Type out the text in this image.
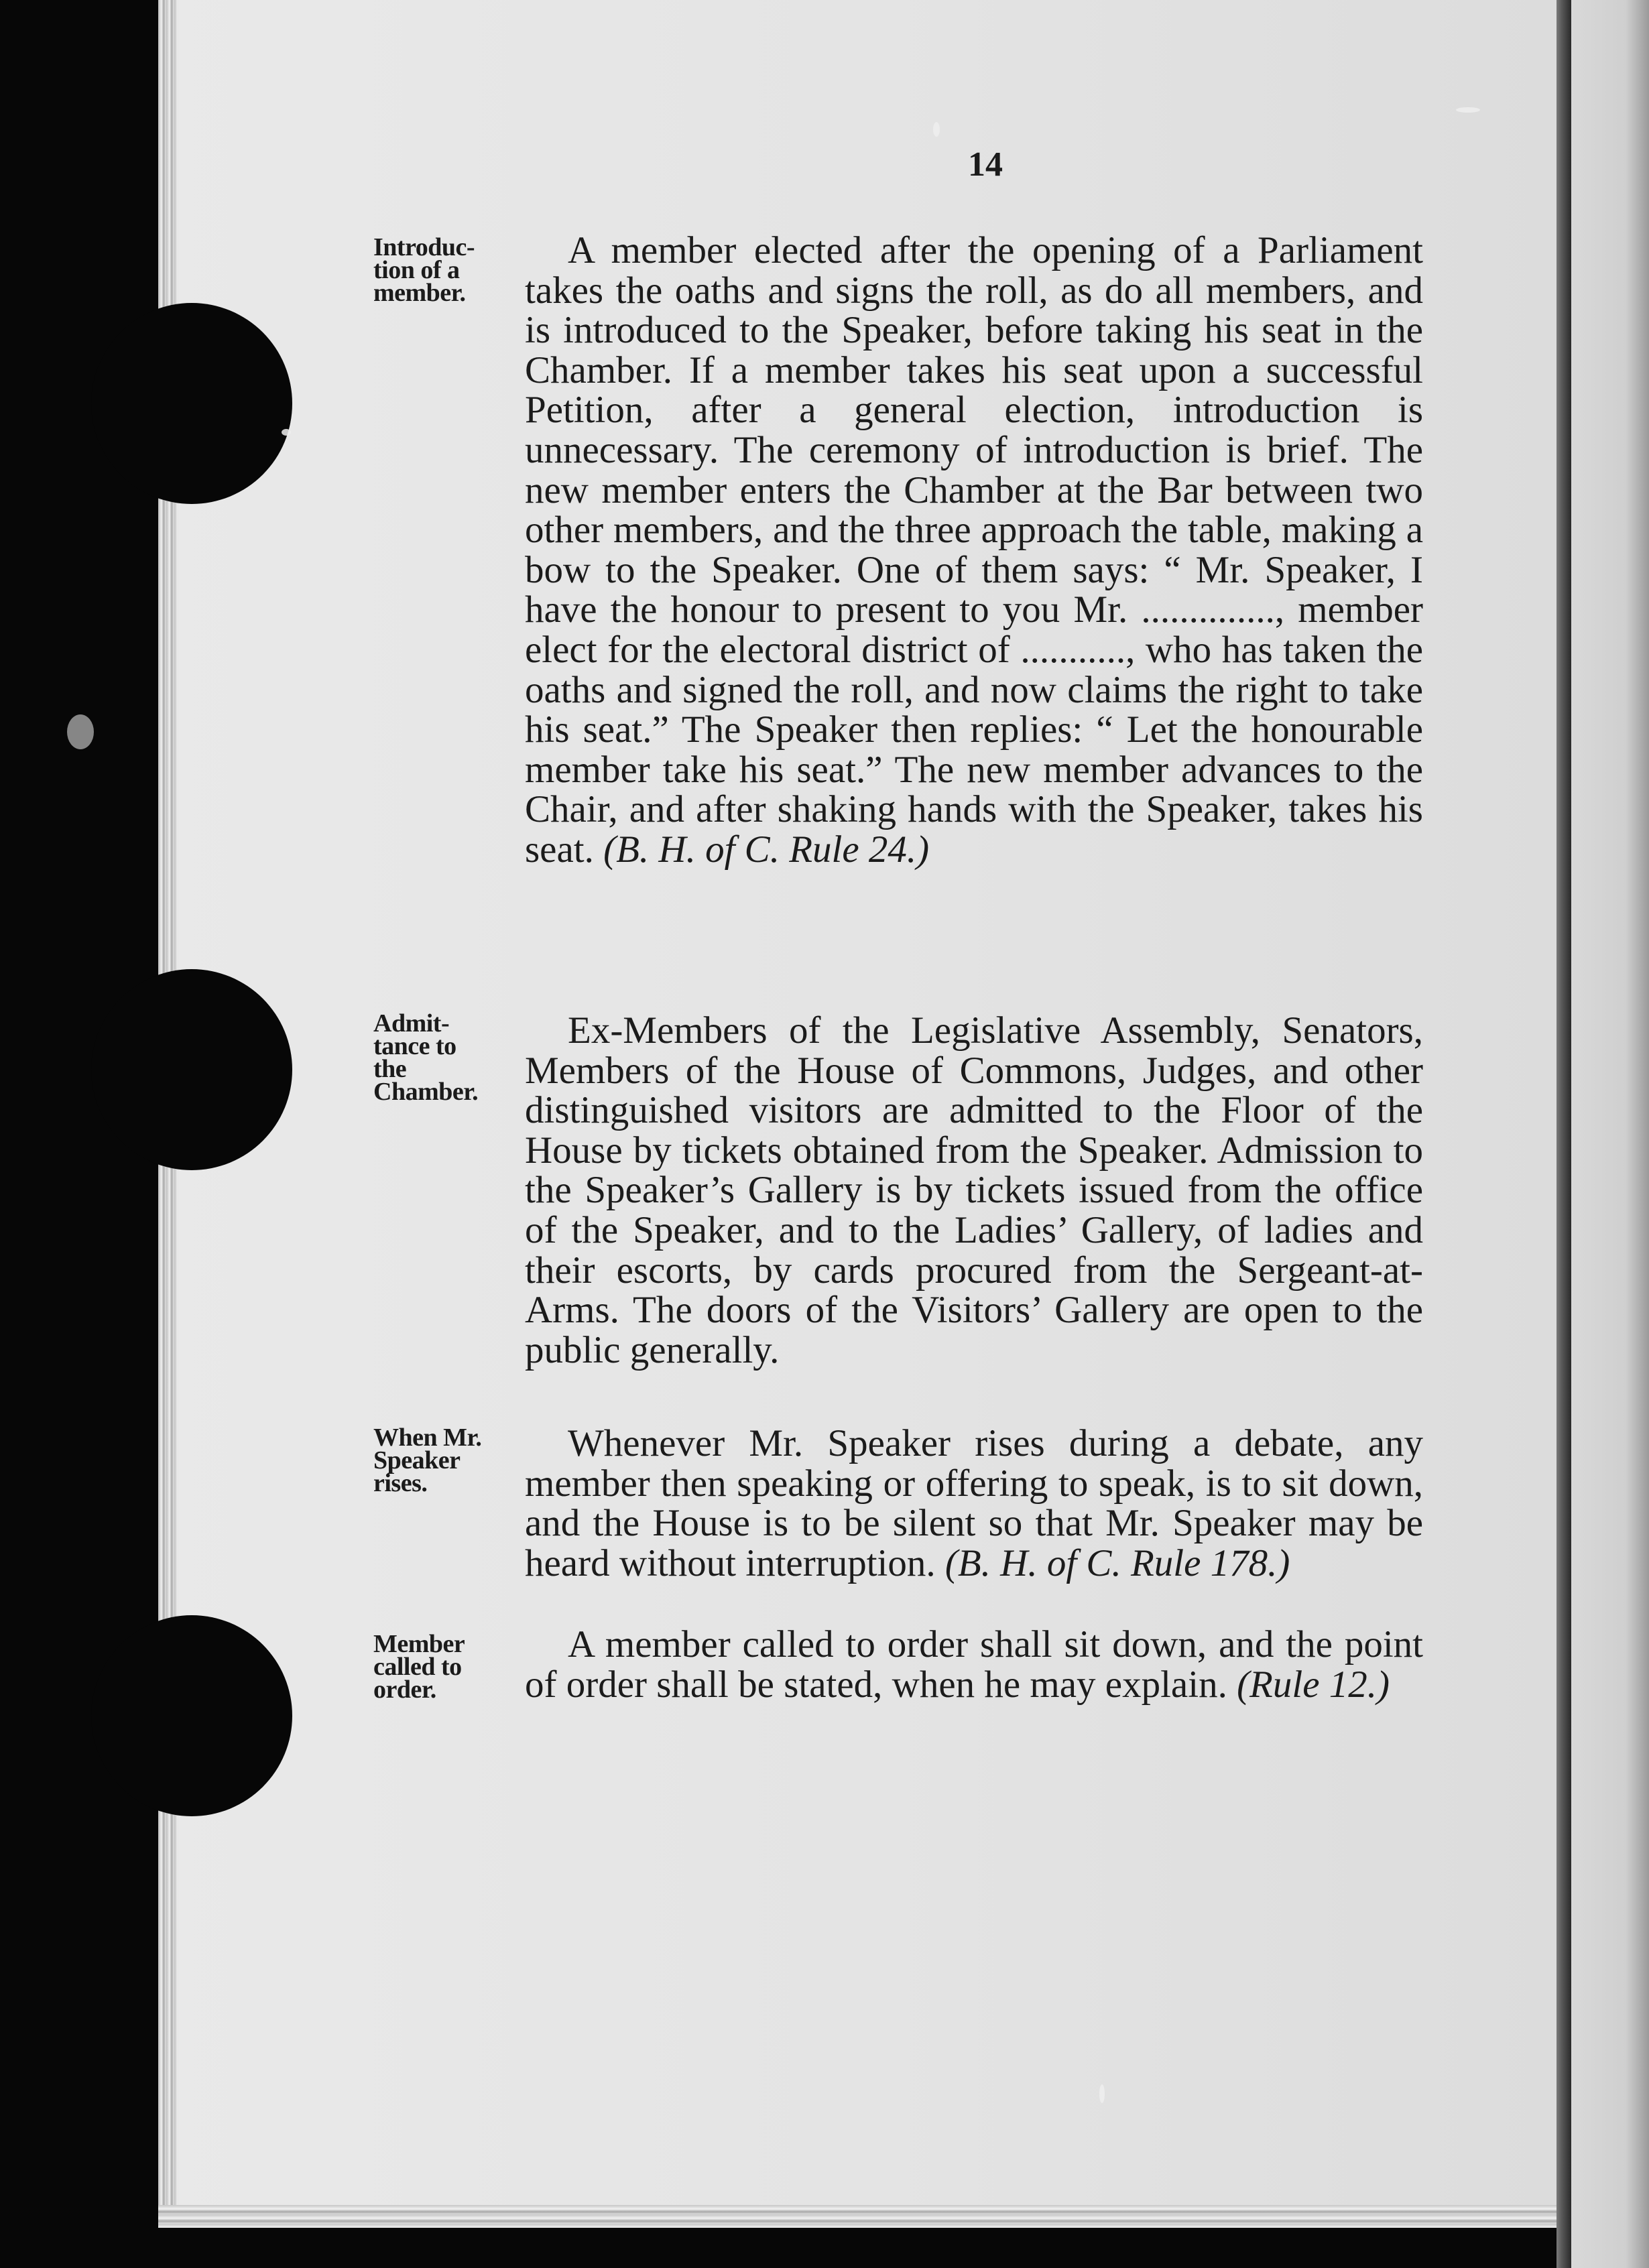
14
Introduc-
tion of a
member.
A member elected after the opening of a Parliament takes the oaths and signs the roll, as do all members, and is introduced to the Speaker, before taking his seat in the Chamber. If a member takes his seat upon a successful Petition, after a general election, introduction is unnecessary. The ceremony of introduction is brief. The new member enters the Chamber at the Bar between two other members, and the three approach the table, making a bow to the Speaker. One of them says: “ Mr. Speaker, I have the honour to present to you Mr. .............., member elect for the electoral district of ..........., who has taken the oaths and signed the roll, and now claims the right to take his seat.” The Speaker then replies: “ Let the honourable member take his seat.” The new member advances to the Chair, and after shaking hands with the Speaker, takes his seat. (B. H. of C. Rule 24.)
Admit-
tance to
the
Chamber.
Ex-Members of the Legislative Assembly, Senators, Members of the House of Commons, Judges, and other distinguished visitors are admitted to the Floor of the House by tickets obtained from the Speaker. Admission to the Speaker’s Gallery is by tickets issued from the office of the Speaker, and to the Ladies’ Gallery, of ladies and their escorts, by cards procured from the Sergeant-at-Arms. The doors of the Visitors’ Gallery are open to the public generally.
When Mr.
Speaker
rises.
Whenever Mr. Speaker rises during a debate, any member then speaking or offering to speak, is to sit down, and the House is to be silent so that Mr. Speaker may be heard without interruption. (B. H. of C. Rule 178.)
Member
called to
order.
A member called to order shall sit down, and the point of order shall be stated, when he may explain. (Rule 12.)
